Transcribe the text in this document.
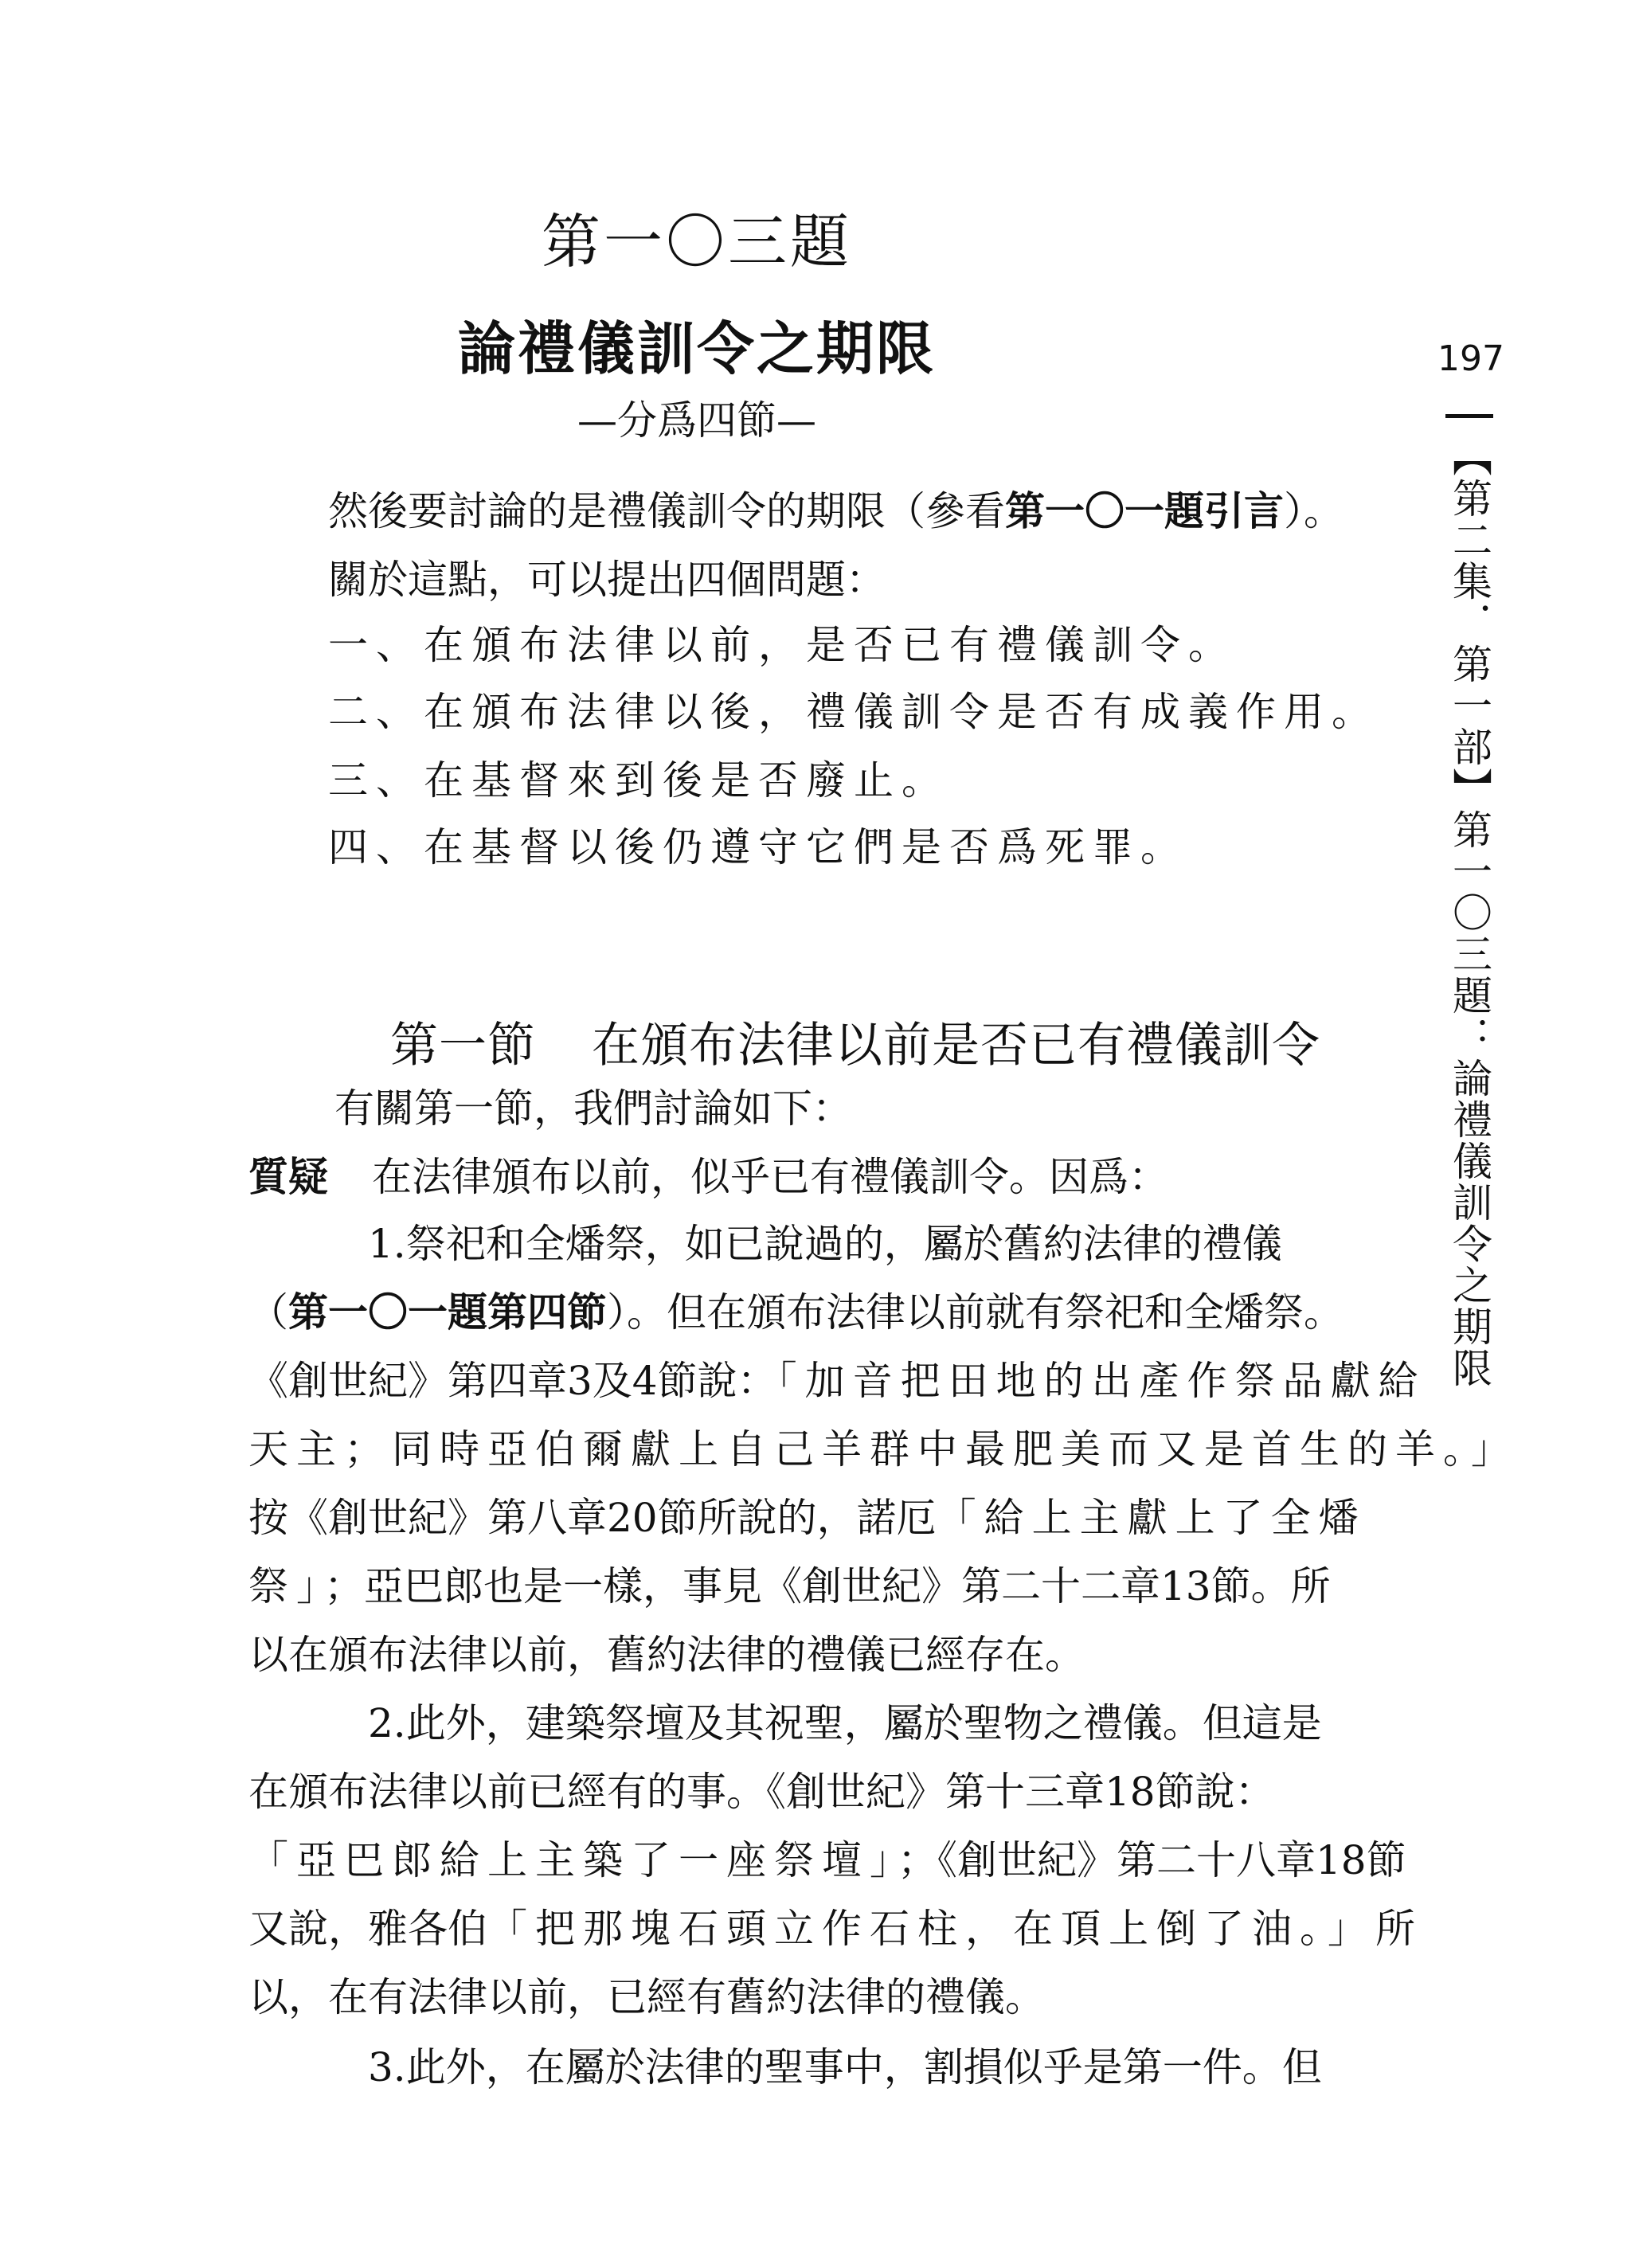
第一〇三題
論禮儀訓令之期限
—分爲四節—
然後要討論的是禮儀訓令的期限（參看第一〇一題引言）。
關於這點，可以提出四個問題：
一、在頒布法律以前，是否已有禮儀訓令。
二、在頒布法律以後，禮儀訓令是否有成義作用。
三、在基督來到後是否廢止。
四、在基督以後仍遵守它們是否爲死罪。
第一節 在頒布法律以前是否已有禮儀訓令
有關第一節，我們討論如下：
質疑 在法律頒布以前，似乎已有禮儀訓令。因爲：
1.祭祀和全燔祭，如已說過的，屬於舊約法律的禮儀
（第一〇一題第四節）。但在頒布法律以前就有祭祀和全燔祭。
《創世紀》第四章3及4節說：「加音把田地的出產作祭品獻給
天主；同時亞伯爾獻上自己羊群中最肥美而又是首生的羊。」
按《創世紀》第八章20節所說的，諾厄「給上主獻上了全燔
祭」；亞巴郎也是一樣，事見《創世紀》第二十二章13節。所
以在頒布法律以前，舊約法律的禮儀已經存在。
2.此外，建築祭壇及其祝聖，屬於聖物之禮儀。但這是
在頒布法律以前已經有的事。《創世紀》第十三章18節說：
「亞巴郎給上主築了一座祭壇」；《創世紀》第二十八章18節
又說，雅各伯「把那塊石頭立作石柱，在頂上倒了油。」所
以，在有法律以前，已經有舊約法律的禮儀。
3.此外，在屬於法律的聖事中，割損似乎是第一件。但
197
【第二集．第一部】第一〇三題：論禮儀訓令之期限
